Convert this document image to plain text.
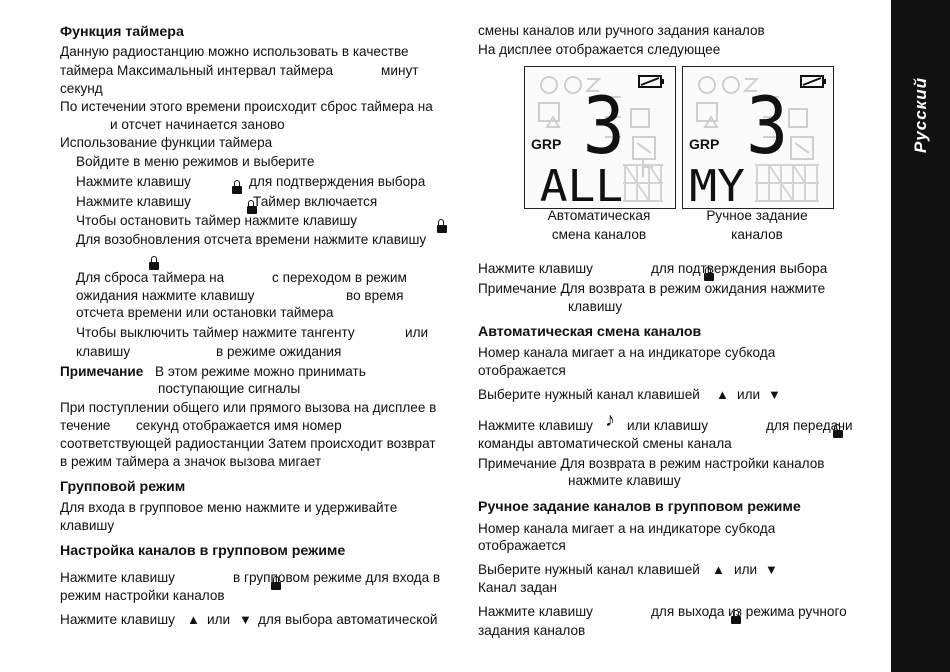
Русский
Функция таймера
Данную радиостанцию можно использовать в качестве
таймера Максимальный интервал таймера	минут
секунд
По истечении этого времени происходит сброс таймера на
и отсчет начинается заново
Использование функции таймера
Войдите в меню режимов и выберите
Нажмите клавишу
	для подтверждения выбора
Нажмите клавишу
	Таймер включается
Чтобы остановить таймер нажмите клавишу

Для возобновления отсчета времени нажмите клавишу

Для сброса таймера на	с переходом в режим
ожидания нажмите клавишу	во время
отсчета времени или остановки таймера
Чтобы выключить таймер нажмите тангенту	или
клавишу	в режиме ожидания
Примечание В этом режиме можно принимать
поступающие сигналы
При поступлении общего или прямого вызова на дисплее в
течение секунд отображается имя номер
соответствующей радиостанции Затем происходит возврат
в режим таймера а значок вызова мигает
Групповой режим
Для входа в групповое меню нажмите и удерживайте
клавишу
Настройка каналов в групповом режиме
Нажмите клавишу
	в групповом режиме для входа в
режим настройки каналов
Нажмите клавишу ▲ или ▼ для выбора автоматической
смены каналов или ручного задания каналов
На дисплее отображается следующее
GRP 3
ALL
GRP 3
MY
Автоматическая
смена каналов
Ручное задание
каналов
Нажмите клавишу
	для подтверждения выбора
Примечание Для возврата в режим ожидания нажмите
клавишу
Автоматическая смена каналов
Номер канала мигает а на индикаторе субкода
отображается
Выберите нужный канал клавишей ▲ или ▼
Нажмите клавишу ♪ или клавишу
	для передачи
команды автоматической смены канала
Примечание Для возврата в режим настройки каналов
нажмите клавишу
Ручное задание каналов в групповом режиме
Номер канала мигает а на индикаторе субкода
отображается
Выберите нужный канал клавишей ▲ или ▼
Канал задан
Нажмите клавишу	для выхода из режима ручного
задания каналов
